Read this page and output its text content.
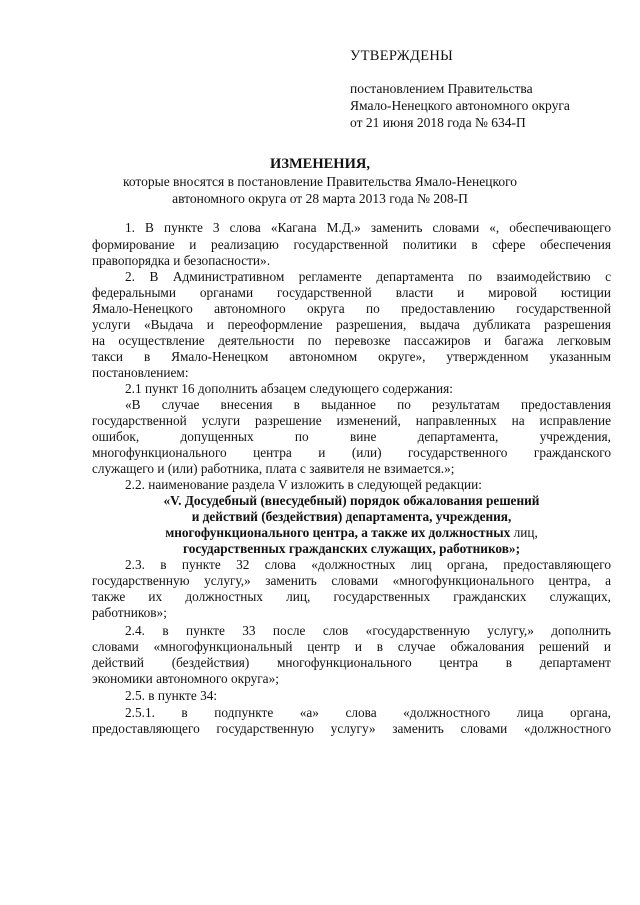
УТВЕРЖДЕНЫ
постановлением Правительства
Ямало-Ненецкого автономного округа
от 21 июня 2018 года № 634-П
ИЗМЕНЕНИЯ,
которые вносятся в постановление Правительства Ямало-Ненецкого
автономного округа от 28 марта 2013 года № 208-П
1. В пункте 3 слова «Кагана М.Д.» заменить словами «, обеспечивающего
формирование и реализацию государственной политики в сфере обеспечения
правопорядка и безопасности».
2. В Административном регламенте департамента по взаимодействию с
федеральными органами государственной власти и мировой юстиции
Ямало-Ненецкого автономного округа по предоставлению государственной
услуги «Выдача и переоформление разрешения, выдача дубликата разрешения
на осуществление деятельности по перевозке пассажиров и багажа легковым
такси в Ямало-Ненецком автономном округе», утвержденном указанным
постановлением:
2.1 пункт 16 дополнить абзацем следующего содержания:
«В случае внесения в выданное по результатам предоставления
государственной услуги разрешение изменений, направленных на исправление
ошибок, допущенных по вине департамента, учреждения,
многофункционального центра и (или) государственного гражданского
служащего и (или) работника, плата с заявителя не взимается.»;
2.2. наименование раздела V изложить в следующей редакции:
«V. Досудебный (внесудебный) порядок обжалования решений
и действий (бездействия) департамента, учреждения,
многофункционального центра, а также их должностных лиц,
государственных гражданских служащих, работников»;
2.3. в пункте 32 слова «должностных лиц органа, предоставляющего
государственную услугу,» заменить словами «многофункционального центра, а
также их должностных лиц, государственных гражданских служащих,
работников»;
2.4. в пункте 33 после слов «государственную услугу,» дополнить
словами «многофункциональный центр и в случае обжалования решений и
действий (бездействия) многофункционального центра в департамент
экономики автономного округа»;
2.5. в пункте 34:
2.5.1. в подпункте «а» слова «должностного лица органа,
предоставляющего государственную услугу» заменить словами «должностного
